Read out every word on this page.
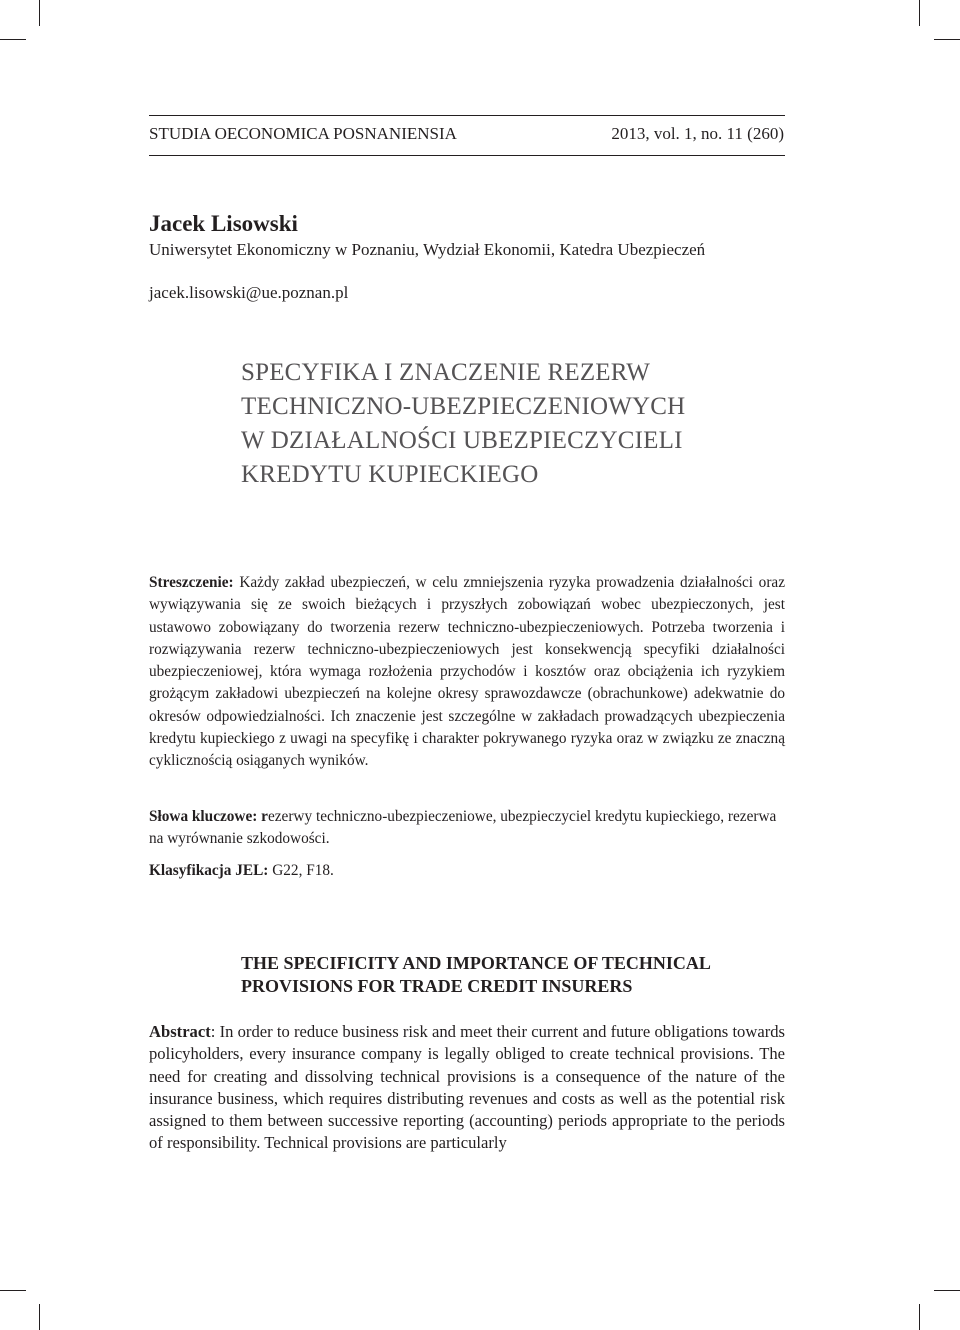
STUDIA OECONOMICA POSNANIENSIA	2013, vol. 1, no. 11 (260)
Jacek Lisowski
Uniwersytet Ekonomiczny w Poznaniu, Wydział Ekonomii, Katedra Ubezpieczeń
jacek.lisowski@ue.poznan.pl
SPECYFIKA I ZNACZENIE REZERW
TECHNICZNO-UBEZPIECZENIOWYCH
W DZIAŁALNOŚCI UBEZPIECZYCIELI
KREDYTU KUPIECKIEGO

Streszczenie: Każdy zakład ubezpieczeń, w celu zmniejszenia ryzyka prowadzenia działalności oraz wywiązywania się ze swoich bieżących i przyszłych zobowiązań wobec ubezpieczonych, jest ustawowo zobowiązany do tworzenia rezerw techniczno-ubezpieczeniowych. Potrzeba tworzenia i rozwiązywania rezerw techniczno-ubezpieczeniowych jest konsekwencją specyfiki działalności ubezpieczeniowej, która wymaga rozłożenia przychodów i kosztów oraz obciążenia ich ryzykiem grożącym zakładowi ubezpieczeń na kolejne okresy sprawozdawcze (obrachunkowe) adekwatnie do okresów odpowiedzialności. Ich znaczenie jest szczególne w zakładach prowadzących ubezpieczenia kredytu kupieckiego z uwagi na specyfikę i charakter pokrywanego ryzyka oraz w związku ze znaczną cyklicznością osiąganych wyników.

Słowa kluczowe: rezerwy techniczno-ubezpieczeniowe, ubezpieczyciel kredytu kupieckiego, rezerwa na wyrównanie szkodowości.

Klasyfikacja JEL: G22, F18.
THE SPECIFICITY AND IMPORTANCE OF TECHNICAL
PROVISIONS FOR TRADE CREDIT INSURERS

Abstract: In order to reduce business risk and meet their current and future obligations towards policyholders, every insurance company is legally obliged to create technical provisions. The need for creating and dissolving technical provisions is a consequence of the nature of the insurance business, which requires distributing revenues and costs as well as the potential risk assigned to them between successive reporting (accounting) periods appropriate to the periods of responsibility. Technical provisions are particularly
